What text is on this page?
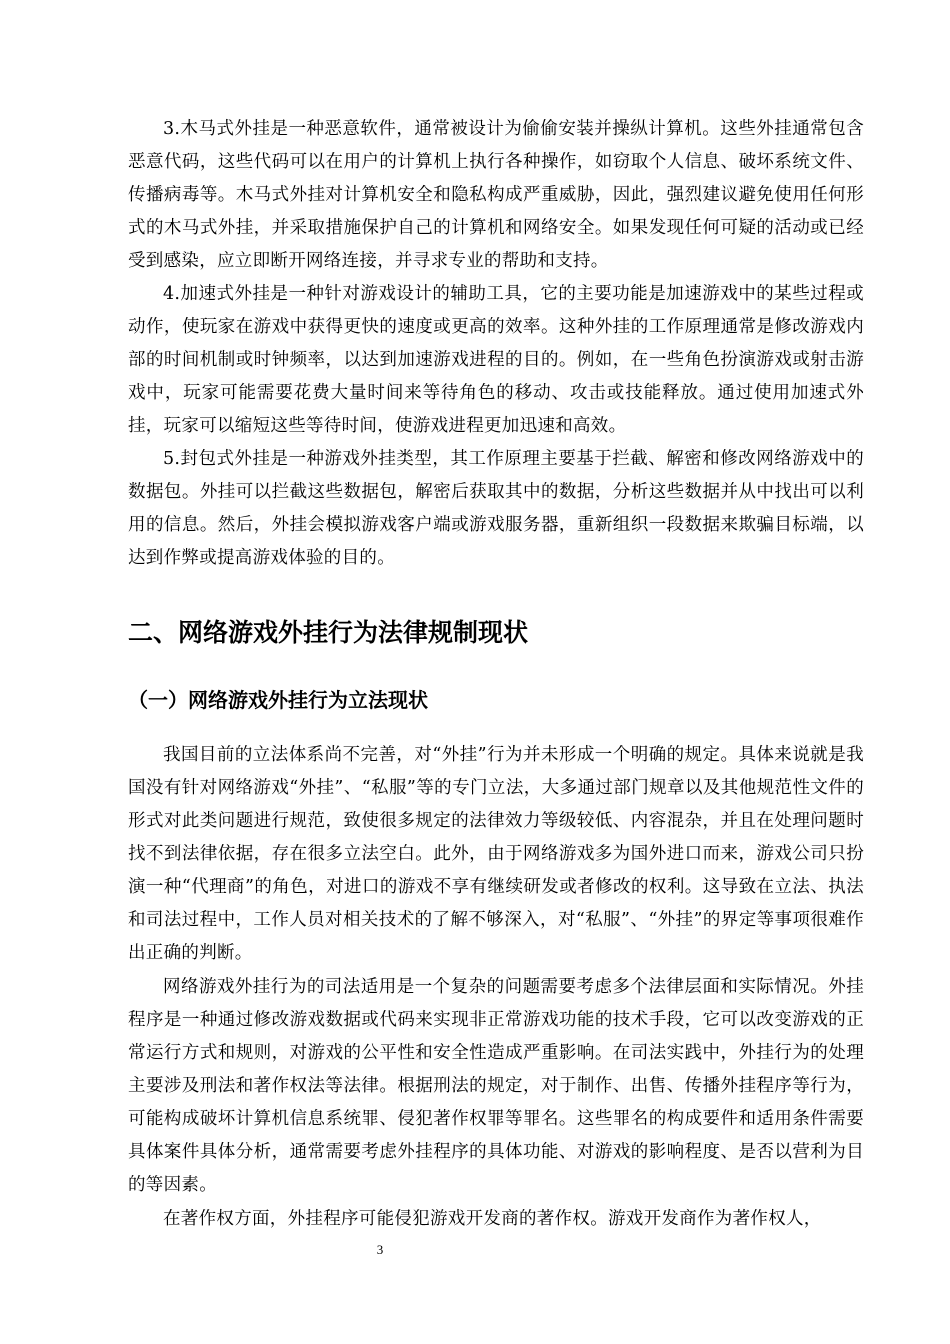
3.木马式外挂是一种恶意软件，通常被设计为偷偷安装并操纵计算机。这些外挂通常包含恶意代码，这些代码可以在用户的计算机上执行各种操作，如窃取个人信息、破坏系统文件、传播病毒等。木马式外挂对计算机安全和隐私构成严重威胁，因此，强烈建议避免使用任何形式的木马式外挂，并采取措施保护自己的计算机和网络安全。如果发现任何可疑的活动或已经受到感染，应立即断开网络连接，并寻求专业的帮助和支持。

4.加速式外挂是一种针对游戏设计的辅助工具，它的主要功能是加速游戏中的某些过程或动作，使玩家在游戏中获得更快的速度或更高的效率。这种外挂的工作原理通常是修改游戏内部的时间机制或时钟频率，以达到加速游戏进程的目的。例如，在一些角色扮演游戏或射击游戏中，玩家可能需要花费大量时间来等待角色的移动、攻击或技能释放。通过使用加速式外挂，玩家可以缩短这些等待时间，使游戏进程更加迅速和高效。

5.封包式外挂是一种游戏外挂类型，其工作原理主要基于拦截、解密和修改网络游戏中的数据包。外挂可以拦截这些数据包，解密后获取其中的数据，分析这些数据并从中找出可以利用的信息。然后，外挂会模拟游戏客户端或游戏服务器，重新组织一段数据来欺骗目标端，以达到作弊或提高游戏体验的目的。

二、网络游戏外挂行为法律规制现状
（一）网络游戏外挂行为立法现状

我国目前的立法体系尚不完善，对“外挂”行为并未形成一个明确的规定。具体来说就是我国没有针对网络游戏“外挂”、“私服”等的专门立法，大多通过部门规章以及其他规范性文件的形式对此类问题进行规范，致使很多规定的法律效力等级较低、内容混杂，并且在处理问题时找不到法律依据，存在很多立法空白。此外，由于网络游戏多为国外进口而来，游戏公司只扮演一种“代理商”的角色，对进口的游戏不享有继续研发或者修改的权利。这导致在立法、执法和司法过程中，工作人员对相关技术的了解不够深入，对“私服”、“外挂”的界定等事项很难作出正确的判断。

网络游戏外挂行为的司法适用是一个复杂的问题需要考虑多个法律层面和实际情况。外挂程序是一种通过修改游戏数据或代码来实现非正常游戏功能的技术手段，它可以改变游戏的正常运行方式和规则，对游戏的公平性和安全性造成严重影响。在司法实践中，外挂行为的处理主要涉及刑法和著作权法等法律。根据刑法的规定，对于制作、出售、传播外挂程序等行为，可能构成破坏计算机信息系统罪、侵犯著作权罪等罪名。这些罪名的构成要件和适用条件需要具体案件具体分析，通常需要考虑外挂程序的具体功能、对游戏的影响程度、是否以营利为目的等因素。

在著作权方面，外挂程序可能侵犯游戏开发商的著作权。游戏开发商作为著作权人，

3
